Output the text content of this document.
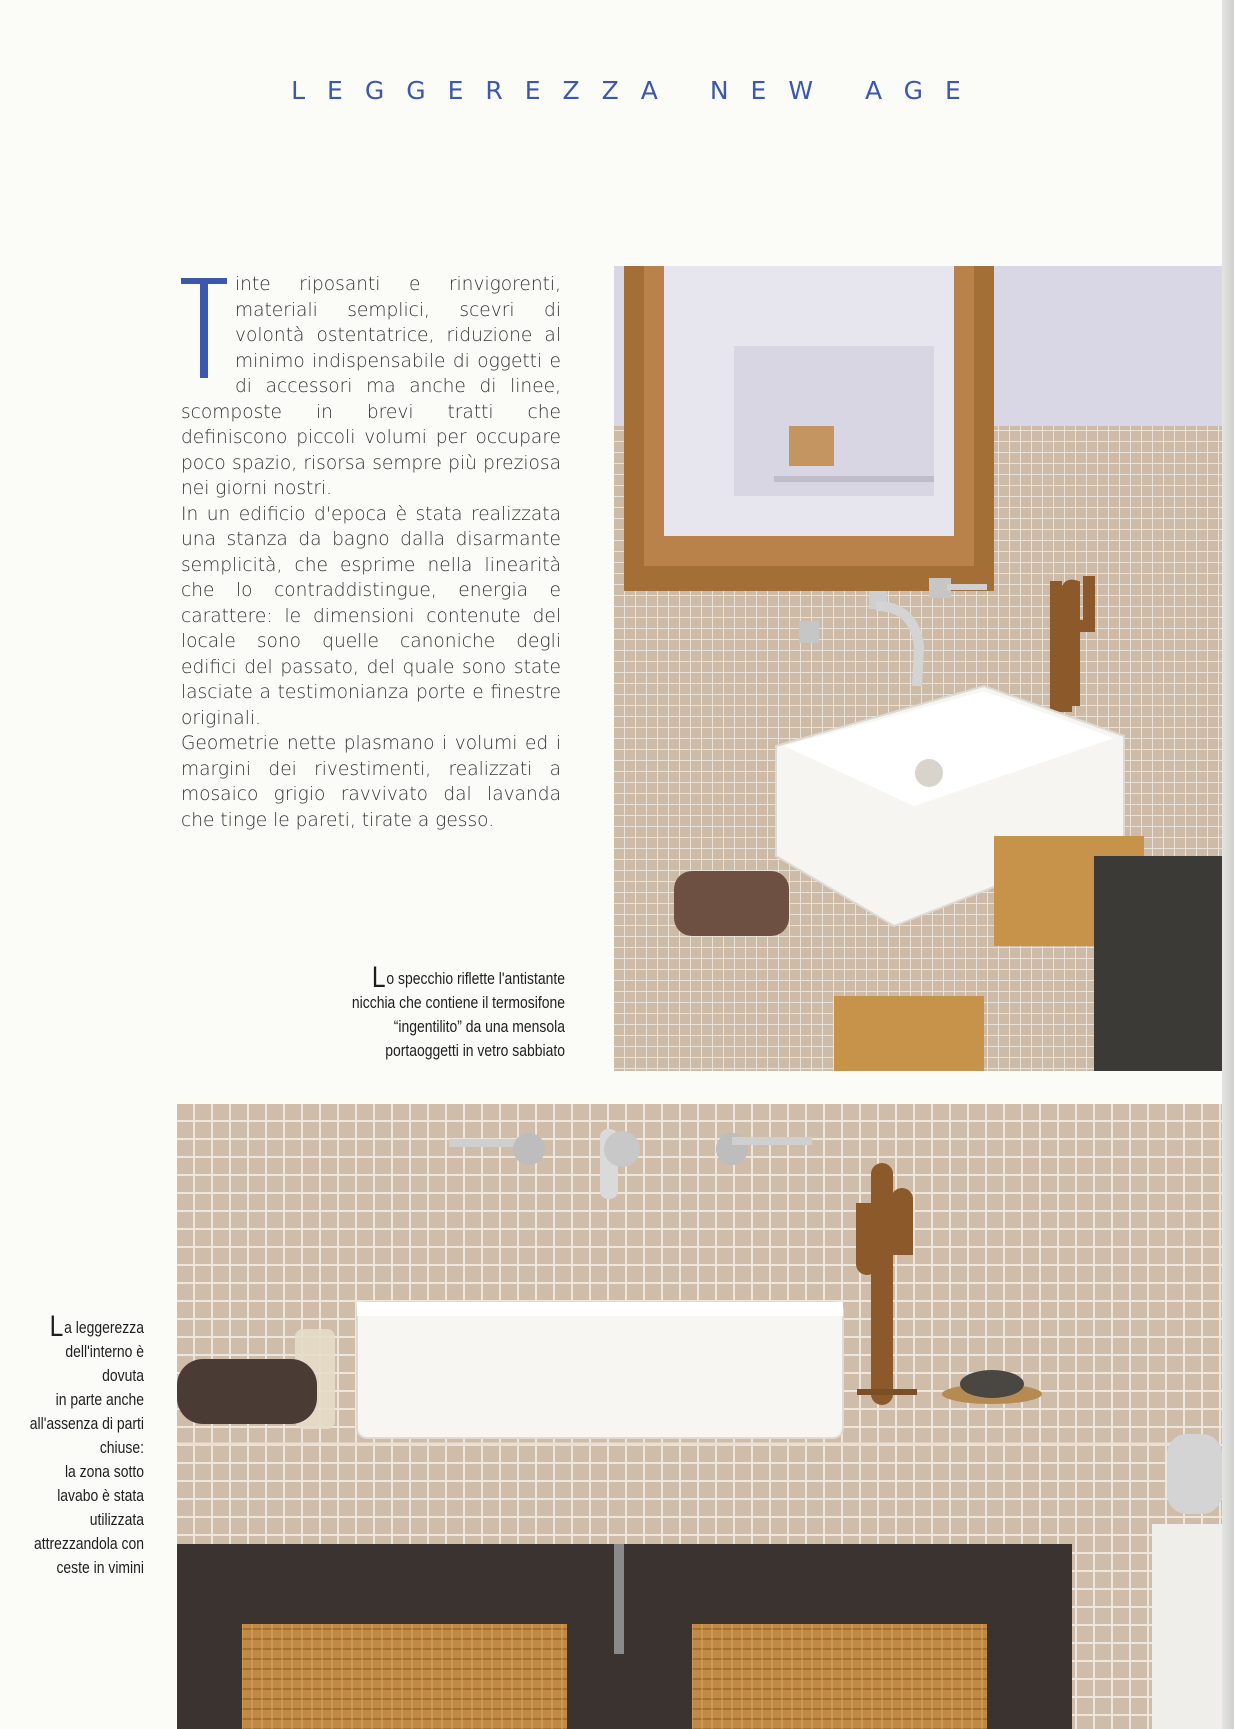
LEGGEREZZA NEW AGE

inte riposanti e rinvigorenti, materiali semplici, scevri di volontà ostentatrice, riduzione al minimo indispensabile di oggetti e di accessori ma anche di linee, scomposte in brevi tratti che definiscono piccoli volumi per occupare poco spazio, risorsa sempre più preziosa nei giorni nostri.

In un edificio d'epoca è stata realizzata una stanza da bagno dalla disarmante semplicità, che esprime nella linearità che lo contraddistingue, energia e carattere: le dimensioni contenute del locale sono quelle canoniche degli edifici del passato, del quale sono state lasciate a testimonianza porte e finestre originali.

Geometrie nette plasmano i volumi ed i margini dei rivestimenti, realizzati a mosaico grigio ravvivato dal lavanda che tinge le pareti, tirate a gesso.

Lo specchio riflette l'antistante
nicchia che contiene il termosifone
“ingentilito” da una mensola
portaoggetti in vetro sabbiato
La leggerezza
dell'interno è
dovuta
in parte anche
all'assenza di parti
chiuse:
la zona sotto
lavabo è stata
utilizzata
attrezzandola con
ceste in vimini
